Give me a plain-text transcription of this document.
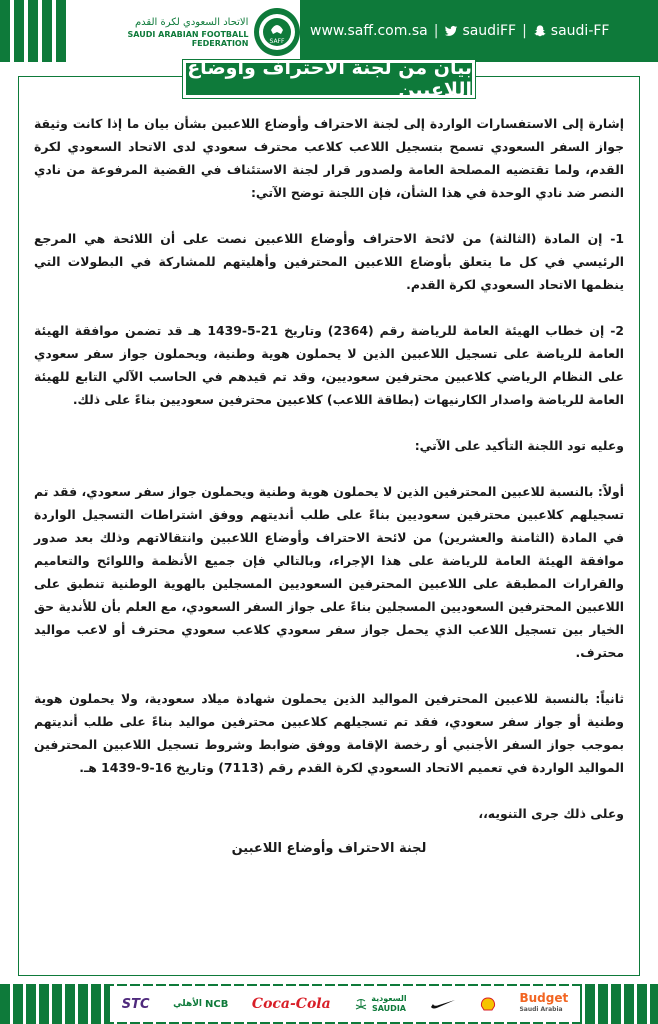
الاتحاد السعودي لكرة القدم
SAUDI ARABIAN FOOTBALL FEDERATION	SAFF
www.saff.com.sa | saudiFF | saudi-FF
بيان من لجنة الاحتراف وأوضاع اللاعبين

إشارة إلى الاستفسارات الواردة إلى لجنة الاحتراف وأوضاع اللاعبين بشأن بيان ما إذا كانت وثيقة جواز السفر السعودي تسمح بتسجيل اللاعب كلاعب محترف سعودي لدى الاتحاد السعودي لكرة القدم، ولما تقتضيه المصلحة العامة ولصدور قرار لجنة الاستئناف في القضية المرفوعة من نادي النصر ضد نادي الوحدة في هذا الشأن، فإن اللجنة توضح الآتي:

1- إن المادة (الثالثة) من لائحة الاحتراف وأوضاع اللاعبين نصت على أن اللائحة هي المرجع الرئيسي في كل ما يتعلق بأوضاع اللاعبين المحترفين وأهليتهم للمشاركة في البطولات التي ينظمها الاتحاد السعودي لكرة القدم.

2- إن خطاب الهيئة العامة للرياضة رقم (2364) وتاريخ 21-5-1439 هـ قد تضمن موافقة الهيئة العامة للرياضة على تسجيل اللاعبين الذين لا يحملون هوية وطنية، ويحملون جواز سفر سعودي على النظام الرياضي كلاعبين محترفين سعوديين، وقد تم قيدهم في الحاسب الآلي التابع للهيئة العامة للرياضة واصدار الكارنيهات (بطاقة اللاعب) كلاعبين محترفين سعوديين بناءً على ذلك.

وعليه تود اللجنة التأكيد على الآتي:

أولاً: بالنسبة للاعبين المحترفين الذين لا يحملون هوية وطنية ويحملون جواز سفر سعودي، فقد تم تسجيلهم كلاعبين محترفين سعوديين بناءً على طلب أنديتهم ووفق اشتراطات التسجيل الواردة في المادة (الثامنة والعشرين) من لائحة الاحتراف وأوضاع اللاعبين وانتقالاتهم وذلك بعد صدور موافقة الهيئة العامة للرياضة على هذا الإجراء، وبالتالي فإن جميع الأنظمة واللوائح والتعاميم والقرارات المطبقة على اللاعبين المحترفين السعوديين المسجلين بالهوية الوطنية تنطبق على اللاعبين المحترفين السعوديين المسجلين بناءً على جواز السفر السعودي، مع العلم بأن للأندية حق الخيار بين تسجيل اللاعب الذي يحمل جواز سفر سعودي كلاعب سعودي محترف أو لاعب مواليد محترف.

ثانياً: بالنسبة للاعبين المحترفين المواليد الذين يحملون شهادة ميلاد سعودية، ولا يحملون هوية وطنية أو جواز سفر سعودي، فقد تم تسجيلهم كلاعبين محترفين مواليد بناءً على طلب أنديتهم بموجب جواز السفر الأجنبي أو رخصة الإقامة ووفق ضوابط وشروط تسجيل اللاعبين المحترفين المواليد الواردة في تعميم الاتحاد السعودي لكرة القدم رقم (7113) وتاريخ 16-9-1439 هـ.

وعلى ذلك جرى التنويه،،

لجنة الاحتراف وأوضاع اللاعبين

STC	الأهلي NCB Coca-Cola	السعودية
SAUDIA
Budget
Saudi Arabia
